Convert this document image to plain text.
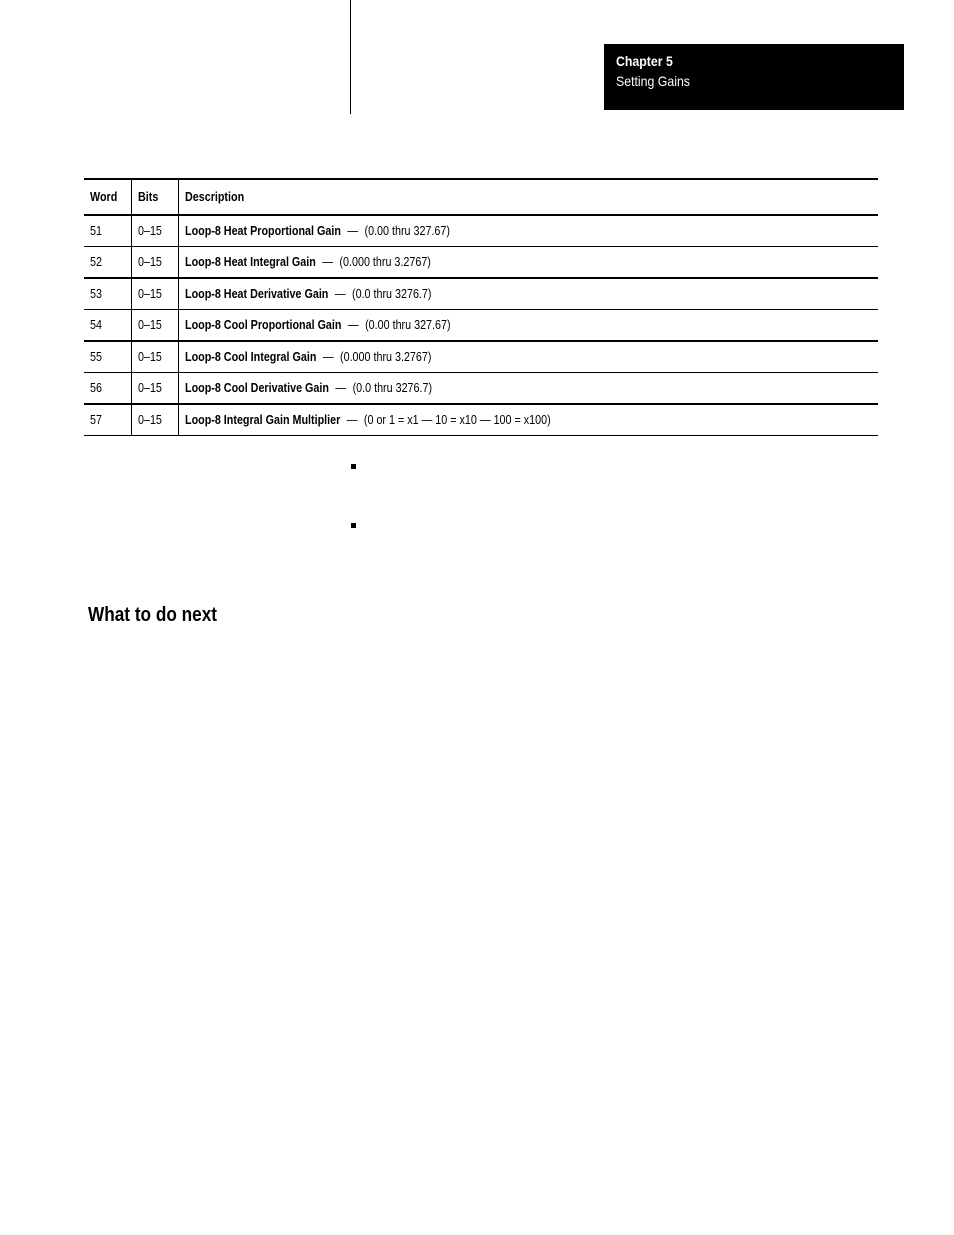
Chapter 5
Setting Gains
Word	Bits	Description
51	0–15	Loop-8 Heat Proportional Gain — (0.00 thru 327.67)
52	0–15	Loop-8 Heat Integral Gain — (0.000 thru 3.2767)
53	0–15	Loop-8 Heat Derivative Gain — (0.0 thru 3276.7)
54	0–15	Loop-8 Cool Proportional Gain — (0.00 thru 327.67)
55	0–15	Loop-8 Cool Integral Gain — (0.000 thru 3.2767)
56	0–15	Loop-8 Cool Derivative Gain — (0.0 thru 3276.7)
57	0–15	Loop-8 Integral Gain Multiplier — (0 or 1 = x1 — 10 = x10 — 100 = x100)
What to do next
